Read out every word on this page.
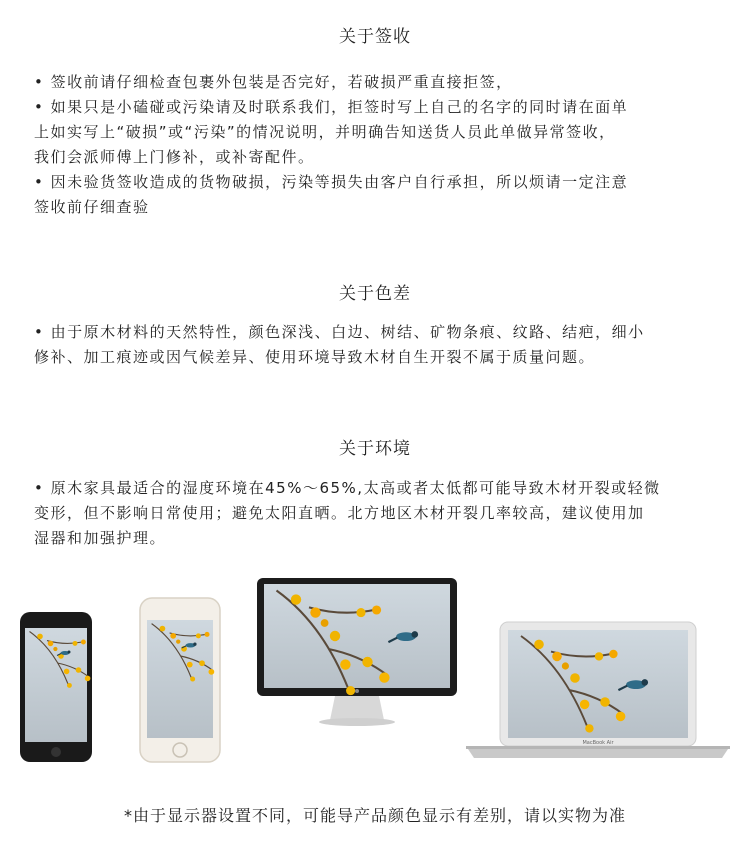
关于签收

• 签收前请仔细检查包裹外包装是否完好，若破损严重直接拒签，

• 如果只是小磕碰或污染请及时联系我们，拒签时写上自己的名字的同时请在面单

上如实写上“破损”或“污染”的情况说明，并明确告知送货人员此单做异常签收，

我们会派师傅上门修补，或补寄配件。

• 因未验货签收造成的货物破损，污染等损失由客户自行承担，所以烦请一定注意

签收前仔细查验

关于色差

• 由于原木材料的天然特性，颜色深浅、白边、树结、矿物条痕、纹路、结疤，细小

修补、加工痕迹或因气候差异、使用环境导致木材自生开裂不属于质量问题。

关于环境

• 原木家具最适合的湿度环境在45%～65%,太高或者太低都可能导致木材开裂或轻微

变形，但不影响日常使用；避免太阳直晒。北方地区木材开裂几率较高，建议使用加

湿器和加强护理。

MacBook Air
*由于显示器设置不同，可能导产品颜色显示有差别，请以实物为准
